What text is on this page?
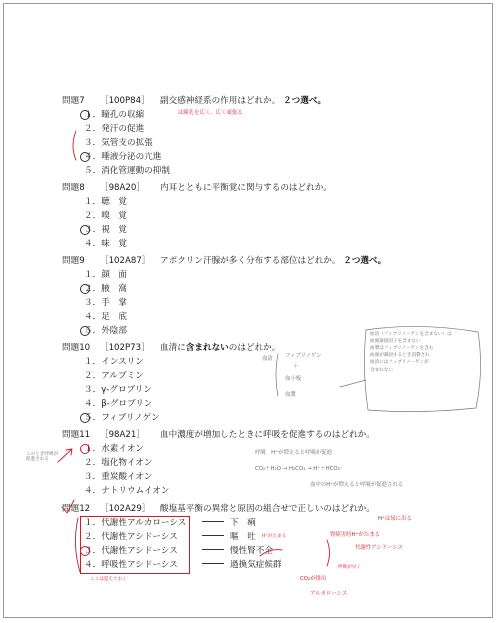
問題7 ［100P84］ 副交感神経系の作用はどれか。 ２つ選べ。
１．瞳孔の収縮
２．発汗の促進
３．気管支の拡張
４．唾液分泌の亢進
５．消化管運動の抑制
は瞳孔を広く、広く頑張る
問題8 ［98A20］ 内耳とともに平衡覚に関与するのはどれか。
１．聴　覚
２．嗅　覚
３．視　覚
４．味　覚
問題9 ［102A87］ アポクリン汗腺が多く分布する部位はどれか。 ２つ選べ。
１．顔　面
２．腋　窩
３．手　掌
４．足　底
５．外陰部
問題10 ［102P73］ 血清に含まれないのはどれか。
１．インスリン
２．アルブミン
３．γ-グロブリン
４．β-グロブリン
５．フィブリノゲン
血清 フィブリノゲン
＋
血小板
血漿
血清（フィブリノーゲンを含まない）は
血液凝固因子を含まない
血漿はフィブリノーゲンを含む
血液が凝固するとき消費され
血清にはフィブリノーゲンが
含まれない
問題11 ［98A21］ 血中濃度が増加したときに呼吸を促進するのはどれか。
１．水素イオン
２．塩化物イオン
３．重炭酸イオン
４．ナトリウムイオン
呼吸　H⁺が増えると呼吸が促進
CO₂＋H₂O → H₂CO₃ → H⁺＋HCO₃⁻
血中のH⁺が増えると呼吸が促進される
このとき呼吸が促進される
問題12 ［102A29］ 酸塩基平衡の異常と原因の組合せで正しいのはどれか。
１．代謝性アルカローシス	下　痢
２．代謝性アシドーシス	嘔　吐
３．代謝性アシドーシス	慢性腎不全
４．呼吸性アシドーシス	過換気症候群
H⁺は尿に出る
腎障害時H⁺がたまる
代謝性アシドーシス
呼吸が早く
CO₂が排出
アルカローシス
H⁺がたまる
ここは覚えておく
